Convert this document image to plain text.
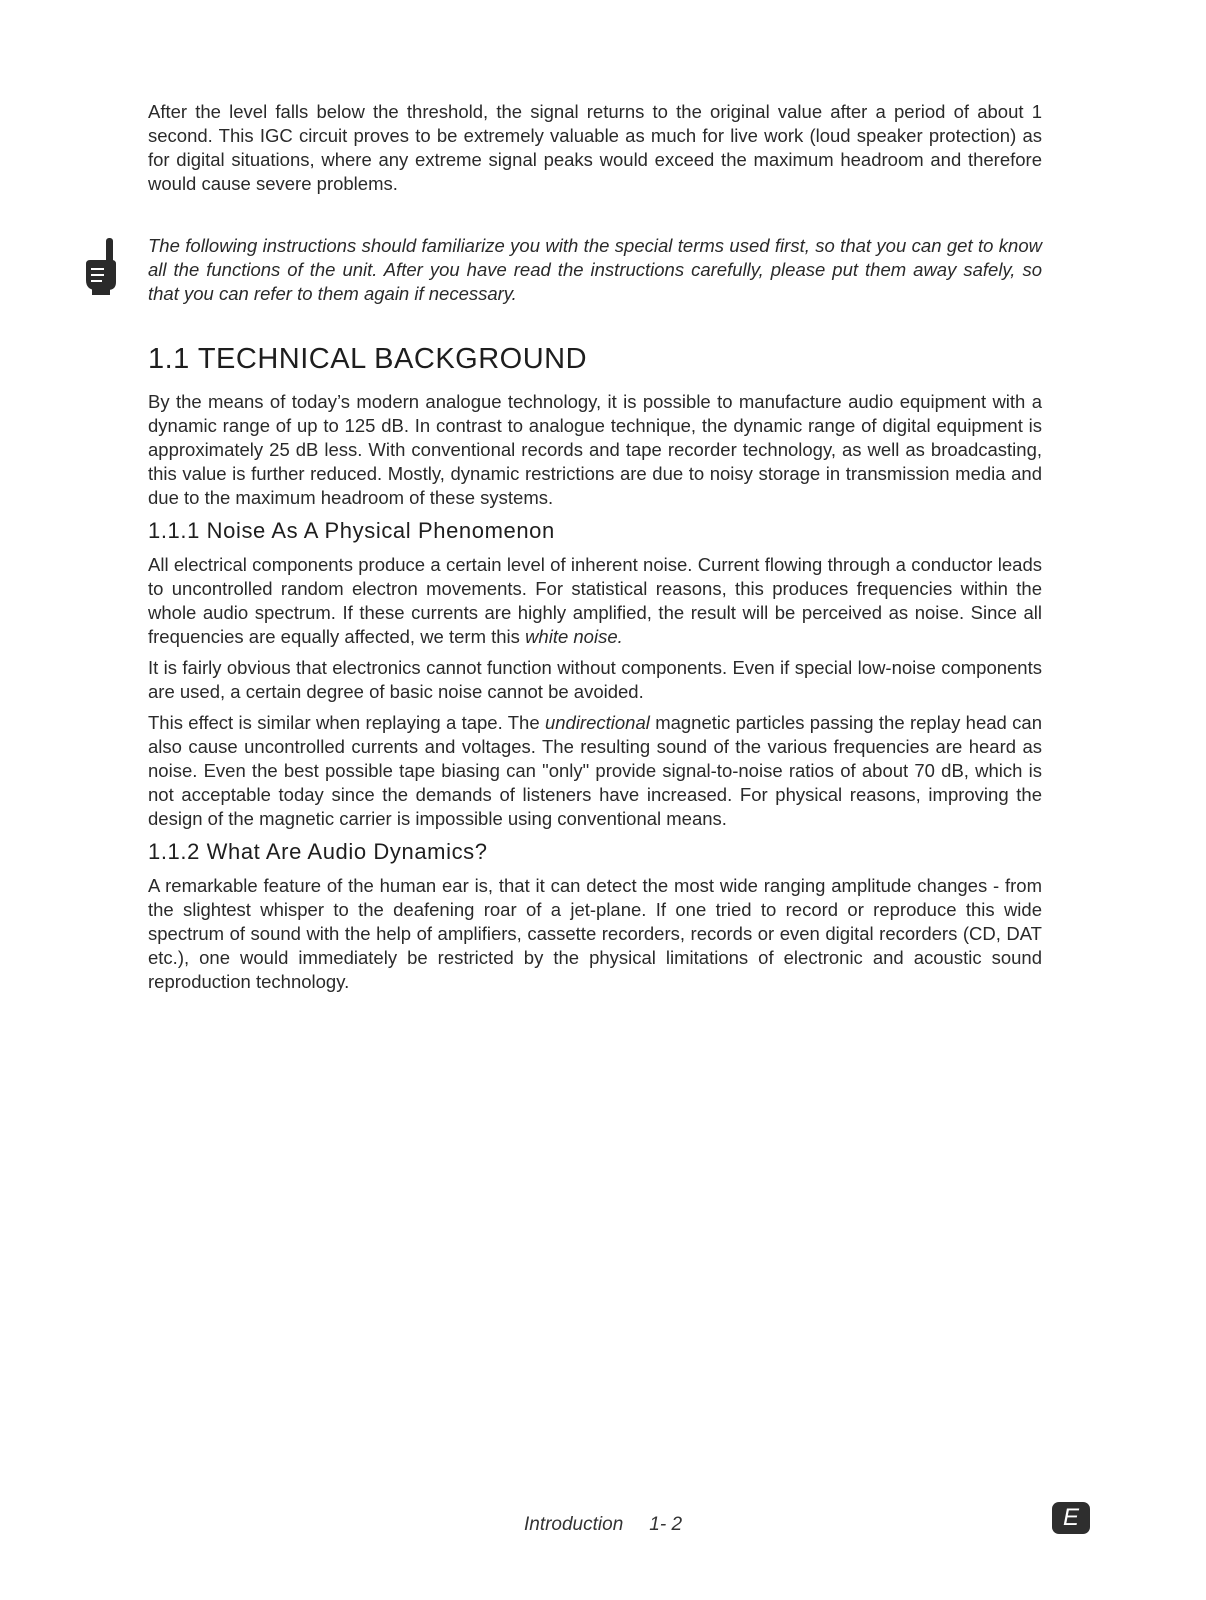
After the level falls below the threshold, the signal returns to the original value after a period of about 1 second. This IGC circuit proves to be extremely valuable as much for live work (loud speaker protection) as for digital situations, where any extreme signal peaks would exceed the maximum headroom and therefore would cause severe problems.

The following instructions should familiarize you with the special terms used first, so that you can get to know all the functions of the unit. After you have read the instructions carefully, please put them away safely, so that you can refer to them again if necessary.

1.1 TECHNICAL BACKGROUND

By the means of today’s modern analogue technology, it is possible to manufacture audio equipment with a dynamic range of up to 125 dB. In contrast to analogue technique, the dynamic range of digital equipment is approximately 25 dB less. With conventional records and tape recorder technology, as well as broadcasting, this value is further reduced. Mostly, dynamic restrictions are due to noisy storage in transmission media and due to the maximum headroom of these systems.

1.1.1 Noise As A Physical Phenomenon

All electrical components produce a certain level of inherent noise. Current flowing through a conductor leads to uncontrolled random electron movements. For statistical reasons, this produces frequencies within the whole audio spectrum. If these currents are highly amplified, the result will be perceived as noise. Since all frequencies are equally affected, we term this white noise.

It is fairly obvious that electronics cannot function without components. Even if special low-noise components are used, a certain degree of basic noise cannot be avoided.

This effect is similar when replaying a tape. The undirectional magnetic particles passing the replay head can also cause uncontrolled currents and voltages. The resulting sound of the various frequencies are heard as noise. Even the best possible tape biasing can "only" provide signal-to-noise ratios of about 70 dB, which is not acceptable today since the demands of listeners have increased. For physical reasons, improving the design of the magnetic carrier is impossible using conventional means.

1.1.2 What Are Audio Dynamics?

A remarkable feature of the human ear is, that it can detect the most wide ranging amplitude changes - from the slightest whisper to the deafening roar of a jet-plane. If one tried to record or reproduce this wide spectrum of sound with the help of amplifiers, cassette recorders, records or even digital recorders (CD, DAT etc.), one would immediately be restricted by the physical limitations of electronic and acoustic sound reproduction technology.

Introduction 1- 2	E
